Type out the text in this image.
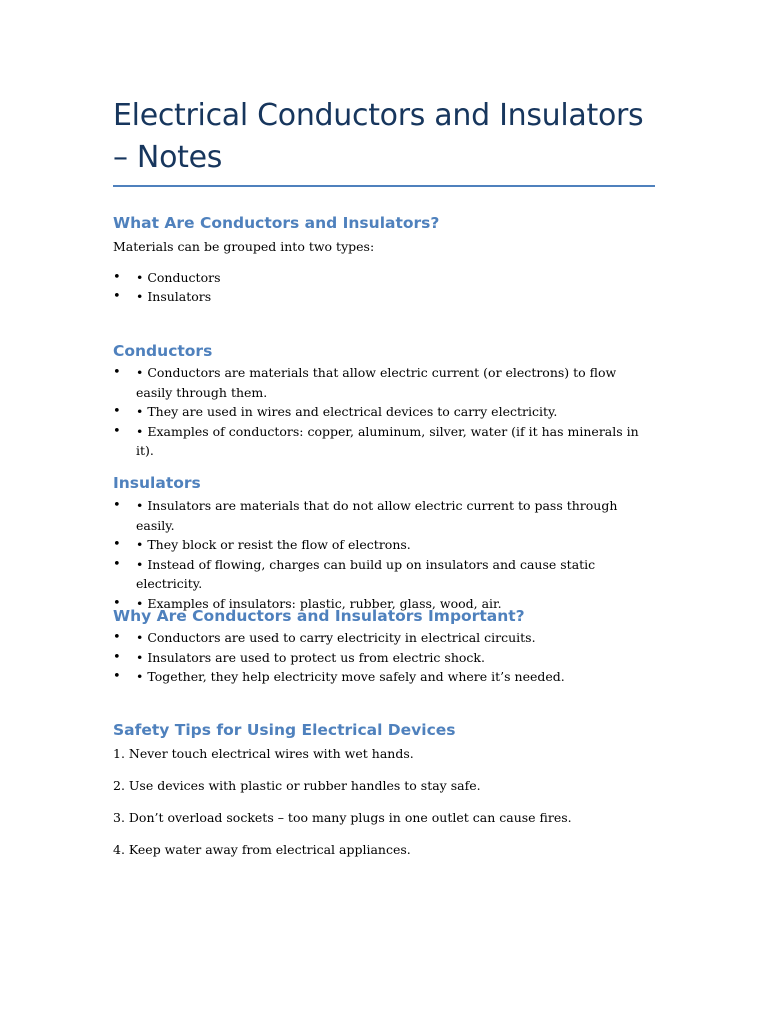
Electrical Conductors and Insulators – Notes
What Are Conductors and Insulators?

Materials can be grouped into two types:

• • Conductors
• • Insulators
Conductors
• • Conductors are materials that allow electric current (or electrons) to flow easily through them.
• • They are used in wires and electrical devices to carry electricity.
• • Examples of conductors: copper, aluminum, silver, water (if it has minerals in it).
Insulators
• • Insulators are materials that do not allow electric current to pass through easily.
• • They block or resist the flow of electrons.
• • Instead of flowing, charges can build up on insulators and cause static electricity.
• • Examples of insulators: plastic, rubber, glass, wood, air.
Why Are Conductors and Insulators Important?
• • Conductors are used to carry electricity in electrical circuits.
• • Insulators are used to protect us from electric shock.
• • Together, they help electricity move safely and where it’s needed.
Safety Tips for Using Electrical Devices

1. Never touch electrical wires with wet hands.

2. Use devices with plastic or rubber handles to stay safe.

3. Don’t overload sockets – too many plugs in one outlet can cause fires.

4. Keep water away from electrical appliances.
